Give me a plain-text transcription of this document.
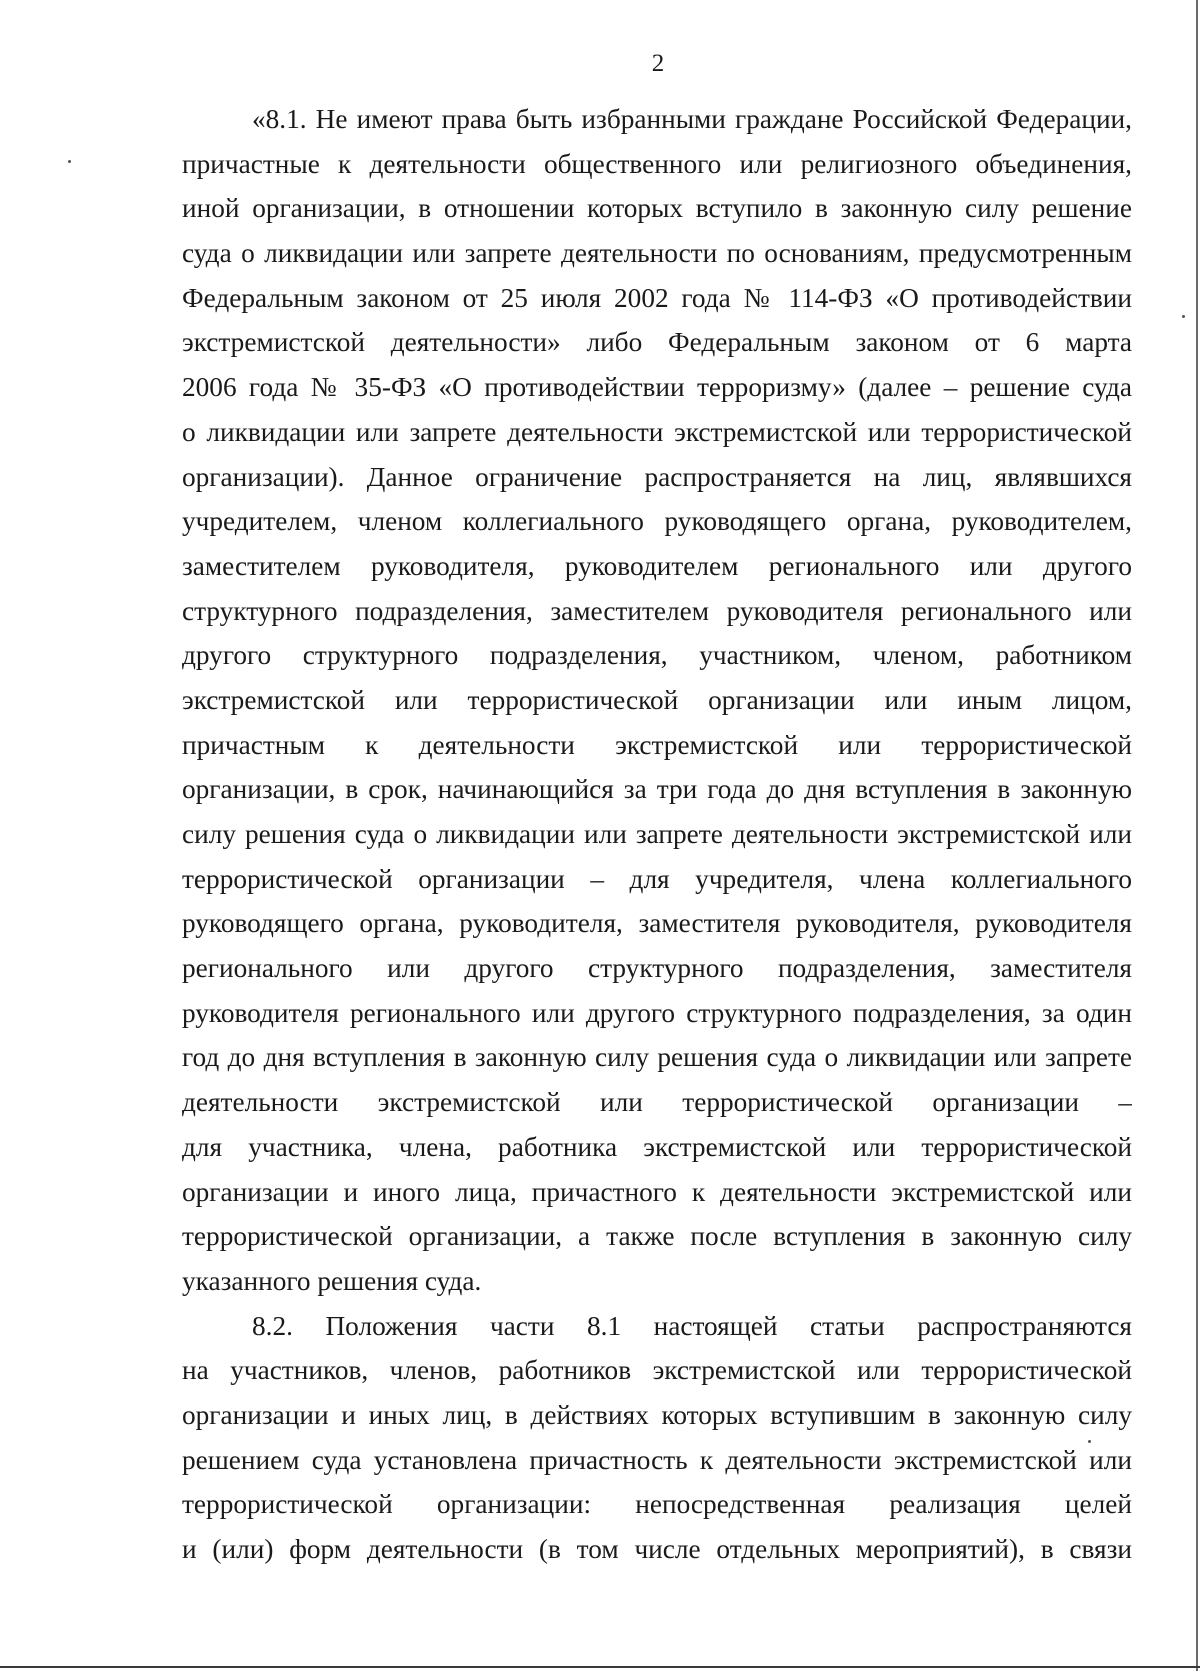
2
«8.1. Не имеют права быть избранными граждане Российской Федерации,
причастные к деятельности общественного или религиозного объединения,
иной организации, в отношении которых вступило в законную силу решение
суда о ликвидации или запрете деятельности по основаниям, предусмотренным
Федеральным законом от 25 июля 2002 года № 114-ФЗ «О противодействии
экстремистской деятельности» либо Федеральным законом от 6 марта
2006 года № 35-ФЗ «О противодействии терроризму» (далее – решение суда
о ликвидации или запрете деятельности экстремистской или террористической
организации). Данное ограничение распространяется на лиц, являвшихся
учредителем, членом коллегиального руководящего органа, руководителем,
заместителем руководителя, руководителем регионального или другого
структурного подразделения, заместителем руководителя регионального или
другого структурного подразделения, участником, членом, работником
экстремистской или террористической организации или иным лицом,
причастным к деятельности экстремистской или террористической
организации, в срок, начинающийся за три года до дня вступления в законную
силу решения суда о ликвидации или запрете деятельности экстремистской или
террористической организации – для учредителя, члена коллегиального
руководящего органа, руководителя, заместителя руководителя, руководителя
регионального или другого структурного подразделения, заместителя
руководителя регионального или другого структурного подразделения, за один
год до дня вступления в законную силу решения суда о ликвидации или запрете
деятельности экстремистской или террористической организации –
для участника, члена, работника экстремистской или террористической
организации и иного лица, причастного к деятельности экстремистской или
террористической организации, а также после вступления в законную силу
указанного решения суда.
8.2. Положения части 8.1 настоящей статьи распространяются
на участников, членов, работников экстремистской или террористической
организации и иных лиц, в действиях которых вступившим в законную силу
решением суда установлена причастность к деятельности экстремистской или
террористической организации: непосредственная реализация целей
и (или) форм деятельности (в том числе отдельных мероприятий), в связи
